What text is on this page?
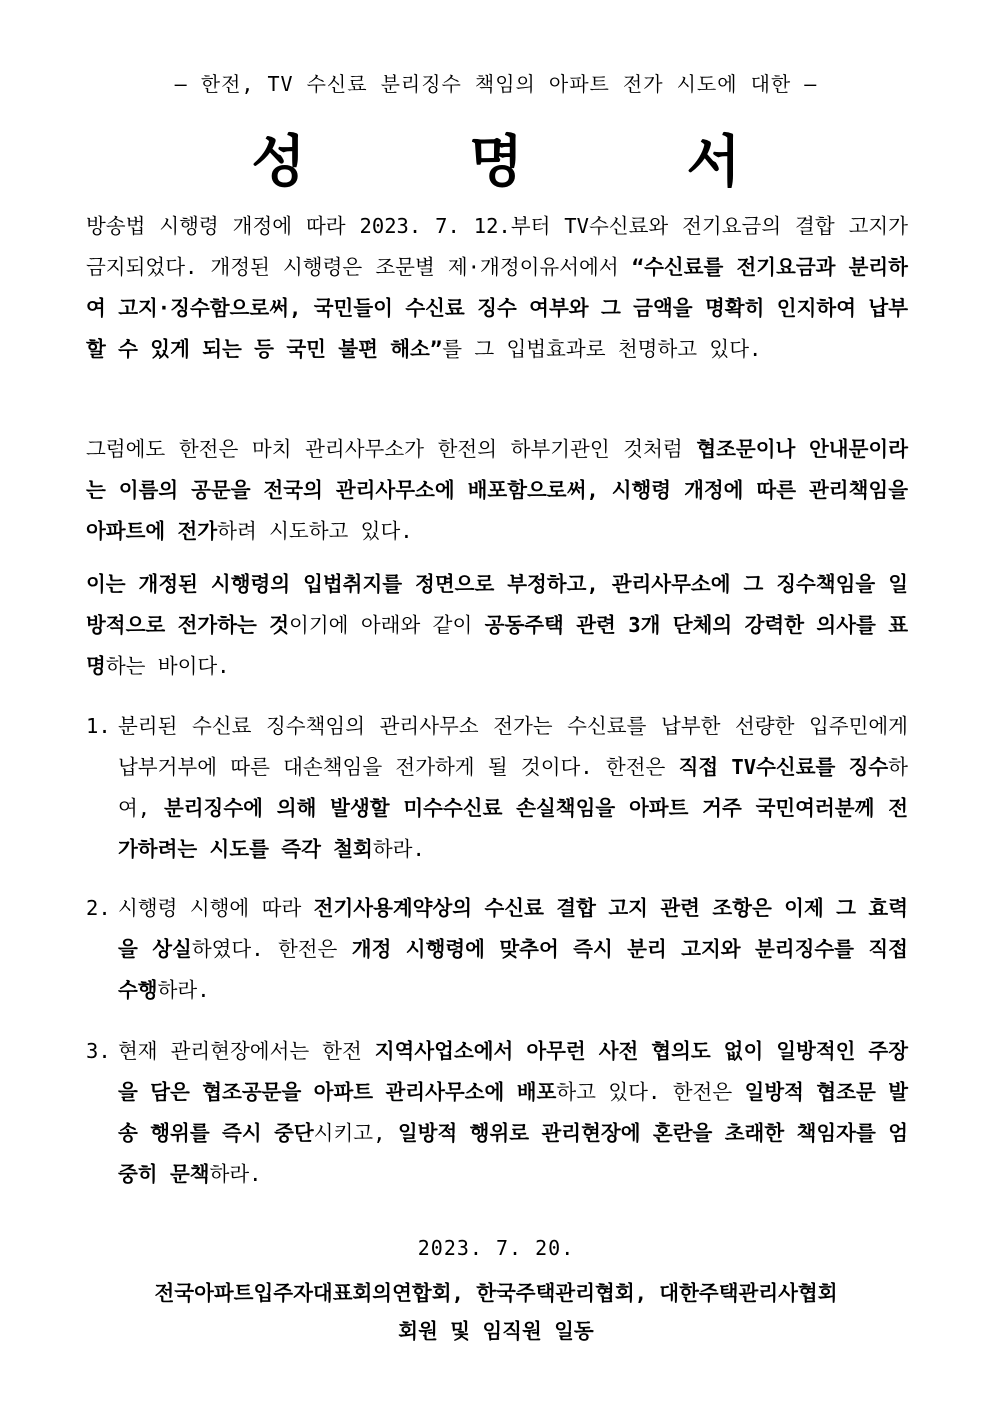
– 한전, TV 수신료 분리징수 책임의 아파트 전가 시도에 대한 –
성 명 서
방송법 시행령 개정에 따라 2023. 7. 12.부터 TV수신료와 전기요금의 결합 고지가 금지되었다. 개정된 시행령은 조문별 제·개정이유서에서 “수신료를 전기요금과 분리하여 고지·징수함으로써, 국민들이 수신료 징수 여부와 그 금액을 명확히 인지하여 납부할 수 있게 되는 등 국민 불편 해소”를 그 입법효과로 천명하고 있다.
그럼에도 한전은 마치 관리사무소가 한전의 하부기관인 것처럼 협조문이나 안내문이라는 이름의 공문을 전국의 관리사무소에 배포함으로써, 시행령 개정에 따른 관리책임을 아파트에 전가하려 시도하고 있다.
이는 개정된 시행령의 입법취지를 정면으로 부정하고, 관리사무소에 그 징수책임을 일방적으로 전가하는 것이기에 아래와 같이 공동주택 관련 3개 단체의 강력한 의사를 표명하는 바이다.
1. 분리된 수신료 징수책임의 관리사무소 전가는 수신료를 납부한 선량한 입주민에게 납부거부에 따른 대손책임을 전가하게 될 것이다. 한전은 직접 TV수신료를 징수하여, 분리징수에 의해 발생할 미수수신료 손실책임을 아파트 거주 국민여러분께 전가하려는 시도를 즉각 철회하라.
2. 시행령 시행에 따라 전기사용계약상의 수신료 결합 고지 관련 조항은 이제 그 효력을 상실하였다. 한전은 개정 시행령에 맞추어 즉시 분리 고지와 분리징수를 직접 수행하라.
3. 현재 관리현장에서는 한전 지역사업소에서 아무런 사전 협의도 없이 일방적인 주장을 담은 협조공문을 아파트 관리사무소에 배포하고 있다. 한전은 일방적 협조문 발송 행위를 즉시 중단시키고, 일방적 행위로 관리현장에 혼란을 초래한 책임자를 엄중히 문책하라.
2023. 7. 20.
전국아파트입주자대표회의연합회, 한국주택관리협회, 대한주택관리사협회
회원 및 임직원 일동
